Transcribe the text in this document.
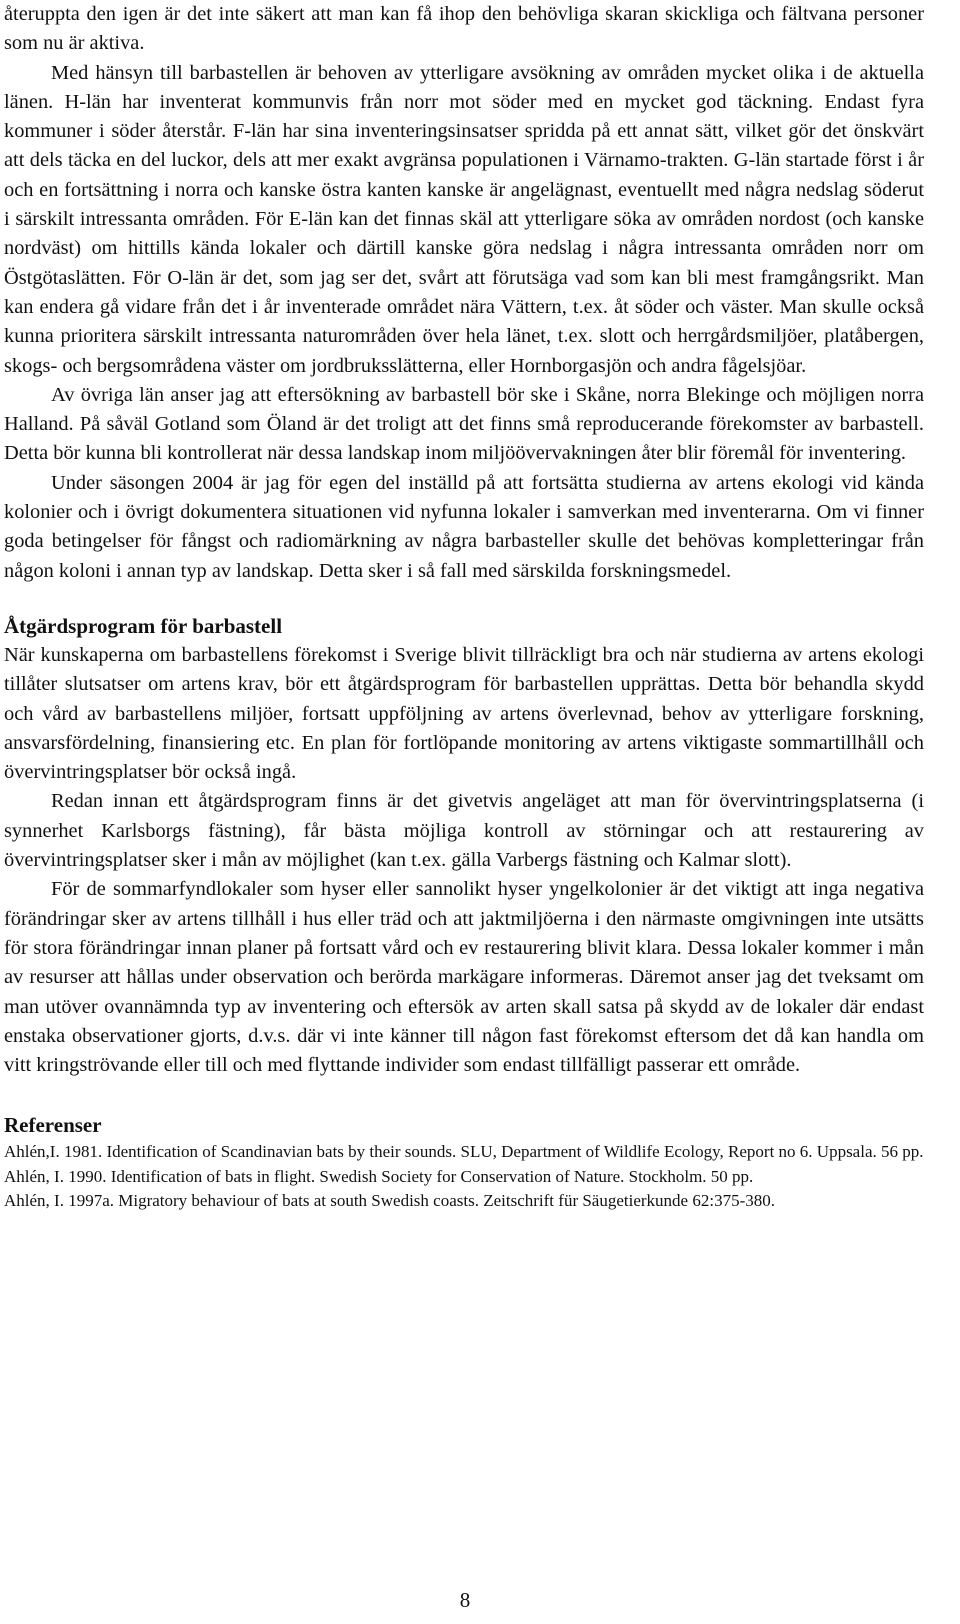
återuppta den igen är det inte säkert att man kan få ihop den behövliga skaran skickliga och fältvana personer som nu är aktiva.

Med hänsyn till barbastellen är behoven av ytterligare avsökning av områden mycket olika i de aktuella länen. H-län har inventerat kommunvis från norr mot söder med en mycket god täckning. Endast fyra kommuner i söder återstår. F-län har sina inventeringsinsatser spridda på ett annat sätt, vilket gör det önskvärt att dels täcka en del luckor, dels att mer exakt avgränsa populationen i Värnamo-trakten. G-län startade först i år och en fortsättning i norra och kanske östra kanten kanske är angelägnast, eventuellt med några nedslag söderut i särskilt intressanta områden. För E-län kan det finnas skäl att ytterligare söka av områden nordost (och kanske nordväst) om hittills kända lokaler och därtill kanske göra nedslag i några intressanta områden norr om Östgötaslätten. För O-län är det, som jag ser det, svårt att förutsäga vad som kan bli mest framgångsrikt. Man kan endera gå vidare från det i år inventerade området nära Vättern, t.ex. åt söder och väster. Man skulle också kunna prioritera särskilt intressanta naturområden över hela länet, t.ex. slott och herrgårdsmiljöer, platåbergen, skogs- och bergsområdena väster om jordbruksslätterna, eller Hornborgasjön och andra fågelsjöar.

Av övriga län anser jag att eftersökning av barbastell bör ske i Skåne, norra Blekinge och möjligen norra Halland. På såväl Gotland som Öland är det troligt att det finns små reproducerande förekomster av barbastell. Detta bör kunna bli kontrollerat när dessa landskap inom miljöövervakningen åter blir föremål för inventering.

Under säsongen 2004 är jag för egen del inställd på att fortsätta studierna av artens ekologi vid kända kolonier och i övrigt dokumentera situationen vid nyfunna lokaler i samverkan med inventerarna. Om vi finner goda betingelser för fångst och radiomärkning av några barbasteller skulle det behövas kompletteringar från någon koloni i annan typ av landskap. Detta sker i så fall med särskilda forskningsmedel.

Åtgärdsprogram för barbastell

När kunskaperna om barbastellens förekomst i Sverige blivit tillräckligt bra och när studierna av artens ekologi tillåter slutsatser om artens krav, bör ett åtgärdsprogram för barbastellen upprättas. Detta bör behandla skydd och vård av barbastellens miljöer, fortsatt uppföljning av artens överlevnad, behov av ytterligare forskning, ansvarsfördelning, finansiering etc. En plan för fortlöpande monitoring av artens viktigaste sommartillhåll och övervintringsplatser bör också ingå.

Redan innan ett åtgärdsprogram finns är det givetvis angeläget att man för övervintringsplatserna (i synnerhet Karlsborgs fästning), får bästa möjliga kontroll av störningar och att restaurering av övervintringsplatser sker i mån av möjlighet (kan t.ex. gälla Varbergs fästning och Kalmar slott).

För de sommarfyndlokaler som hyser eller sannolikt hyser yngelkolonier är det viktigt att inga negativa förändringar sker av artens tillhåll i hus eller träd och att jaktmiljöerna i den närmaste omgivningen inte utsätts för stora förändringar innan planer på fortsatt vård och ev restaurering blivit klara. Dessa lokaler kommer i mån av resurser att hållas under observation och berörda markägare informeras. Däremot anser jag det tveksamt om man utöver ovannämnda typ av inventering och eftersök av arten skall satsa på skydd av de lokaler där endast enstaka observationer gjorts, d.v.s. där vi inte känner till någon fast förekomst eftersom det då kan handla om vitt kringströvande eller till och med flyttande individer som endast tillfälligt passerar ett område.

Referenser

Ahlén,I. 1981. Identification of Scandinavian bats by their sounds. SLU, Department of Wildlife Ecology, Report no 6. Uppsala. 56 pp.

Ahlén, I. 1990. Identification of bats in flight. Swedish Society for Conservation of Nature. Stockholm. 50 pp.

Ahlén, I. 1997a. Migratory behaviour of bats at south Swedish coasts. Zeitschrift für Säugetierkunde 62:375-380.

8
